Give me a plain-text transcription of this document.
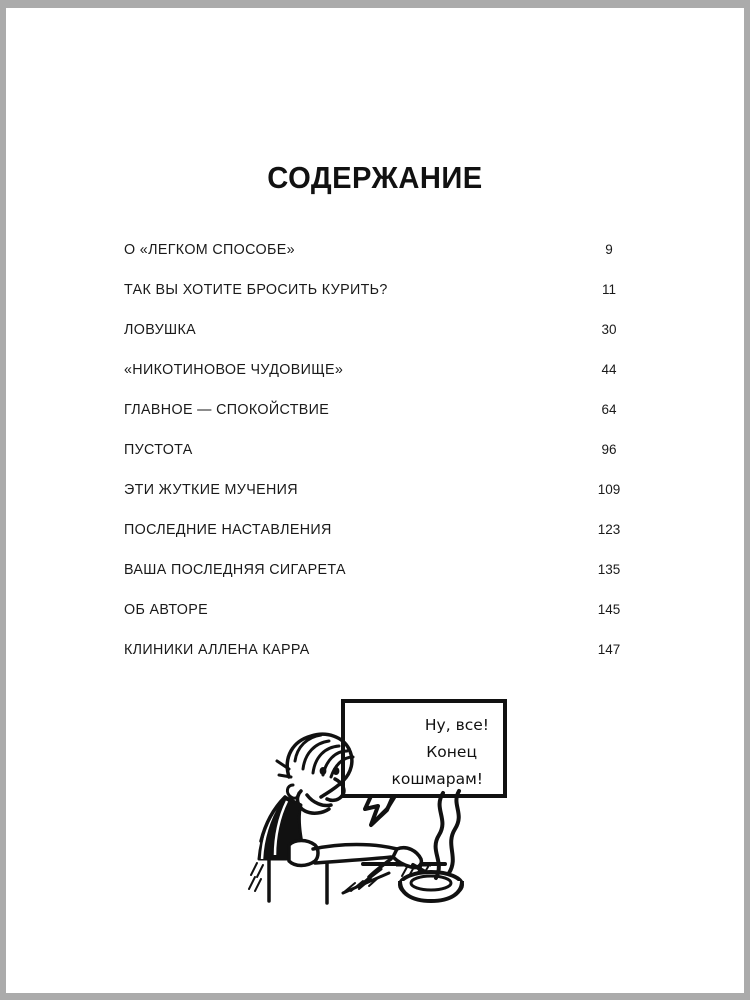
СОДЕРЖАНИЕ
О «ЛЕГКОМ СПОСОБЕ»	9
ТАК ВЫ ХОТИТЕ БРОСИТЬ КУРИТЬ?	11
ЛОВУШКА	30
«НИКОТИНОВОЕ ЧУДОВИЩЕ»	44
ГЛАВНОЕ — СПОКОЙСТВИЕ	64
ПУСТОТА	96
ЭТИ ЖУТКИЕ МУЧЕНИЯ	109
ПОСЛЕДНИЕ НАСТАВЛЕНИЯ	123
ВАША ПОСЛЕДНЯЯ СИГАРЕТА	135
ОБ АВТОРЕ	145
КЛИНИКИ АЛЛЕНА КАРРА	147
Ну, все!
Конец
кошмарам!
